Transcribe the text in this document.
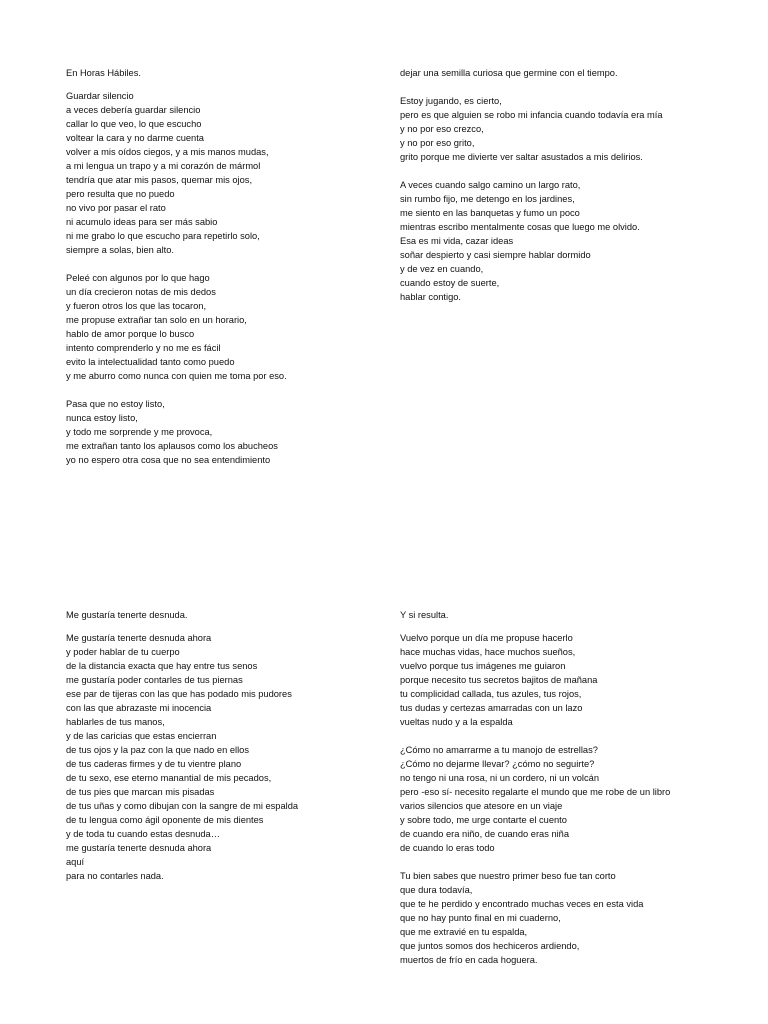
En Horas Hábiles.
Guardar silencio
a veces debería guardar silencio
callar lo que veo, lo que escucho
voltear la cara y no darme cuenta
volver a mis oídos ciegos, y a mis manos mudas,
a mi lengua un trapo y a mi corazón de mármol
tendría que atar mis pasos, quemar mis ojos,
pero resulta que no puedo
no vivo por pasar el rato
ni acumulo ideas para ser más sabio
ni me grabo lo que escucho para repetirlo solo,
siempre a solas, bien alto.
Peleé con algunos por lo que hago
un día crecieron notas de mis dedos
y fueron otros los que las tocaron,
me propuse extrañar tan solo en un horario,
hablo de amor porque lo busco
intento comprenderlo y no me es fácil
evito la intelectualidad tanto como puedo
y me aburro como nunca con quien me toma por eso.
Pasa que no estoy listo,
nunca estoy listo,
y todo me sorprende y me provoca,
me extrañan tanto los aplausos como los abucheos
yo no espero otra cosa que no sea entendimiento
dejar una semilla curiosa que germine con el tiempo.
Estoy jugando, es cierto,
pero es que alguien se robo mi infancia cuando todavía era mía
y no por eso crezco,
y no por eso grito,
grito porque me divierte ver saltar asustados a mis delirios.
A veces cuando salgo camino un largo rato,
sin rumbo fijo, me detengo en los jardines,
me siento en las banquetas y fumo un poco
mientras escribo mentalmente cosas que luego me olvido.
Esa es mi vida, cazar ideas
soñar despierto y casi siempre hablar dormido
y de vez en cuando,
cuando estoy de suerte,
hablar contigo.
Me gustaría tenerte desnuda.
Me gustaría tenerte desnuda ahora
y poder hablar de tu cuerpo
de la distancia exacta que hay entre tus senos
me gustaría poder contarles de tus piernas
ese par de tijeras con las que has podado mis pudores
con las que abrazaste mi inocencia
hablarles de tus manos,
y de las caricias que estas encierran
de tus ojos y la paz con la que nado en ellos
de tus caderas firmes y de tu vientre plano
de tu sexo, ese eterno manantial de mis pecados,
de tus pies que marcan mis pisadas
de tus uñas y como dibujan con la sangre de mi espalda
de tu lengua como ágil oponente de mis dientes
y de toda tu cuando estas desnuda…
me gustaría tenerte desnuda ahora
aquí
para no contarles nada.
Y si resulta.
Vuelvo porque un día me propuse hacerlo
hace muchas vidas, hace muchos sueños,
vuelvo porque tus imágenes me guiaron
porque necesito tus secretos bajitos de mañana
tu complicidad callada, tus azules, tus rojos,
tus dudas y certezas amarradas con un lazo
vueltas nudo y a la espalda
¿Cómo no amarrarme a tu manojo de estrellas?
¿Cómo no dejarme llevar? ¿cómo no seguirte?
no tengo ni una rosa, ni un cordero, ni un volcán
pero -eso sí- necesito regalarte el mundo que me robe de un libro
varios silencios que atesore en un viaje
y sobre todo, me urge contarte el cuento
de cuando era niño, de cuando eras niña
de cuando lo eras todo
Tu bien sabes que nuestro primer beso fue tan corto
que dura todavía,
que te he perdido y encontrado muchas veces en esta vida
que no hay punto final en mi cuaderno,
que me extravié en tu espalda,
que juntos somos dos hechiceros ardiendo,
muertos de frío en cada hoguera.
